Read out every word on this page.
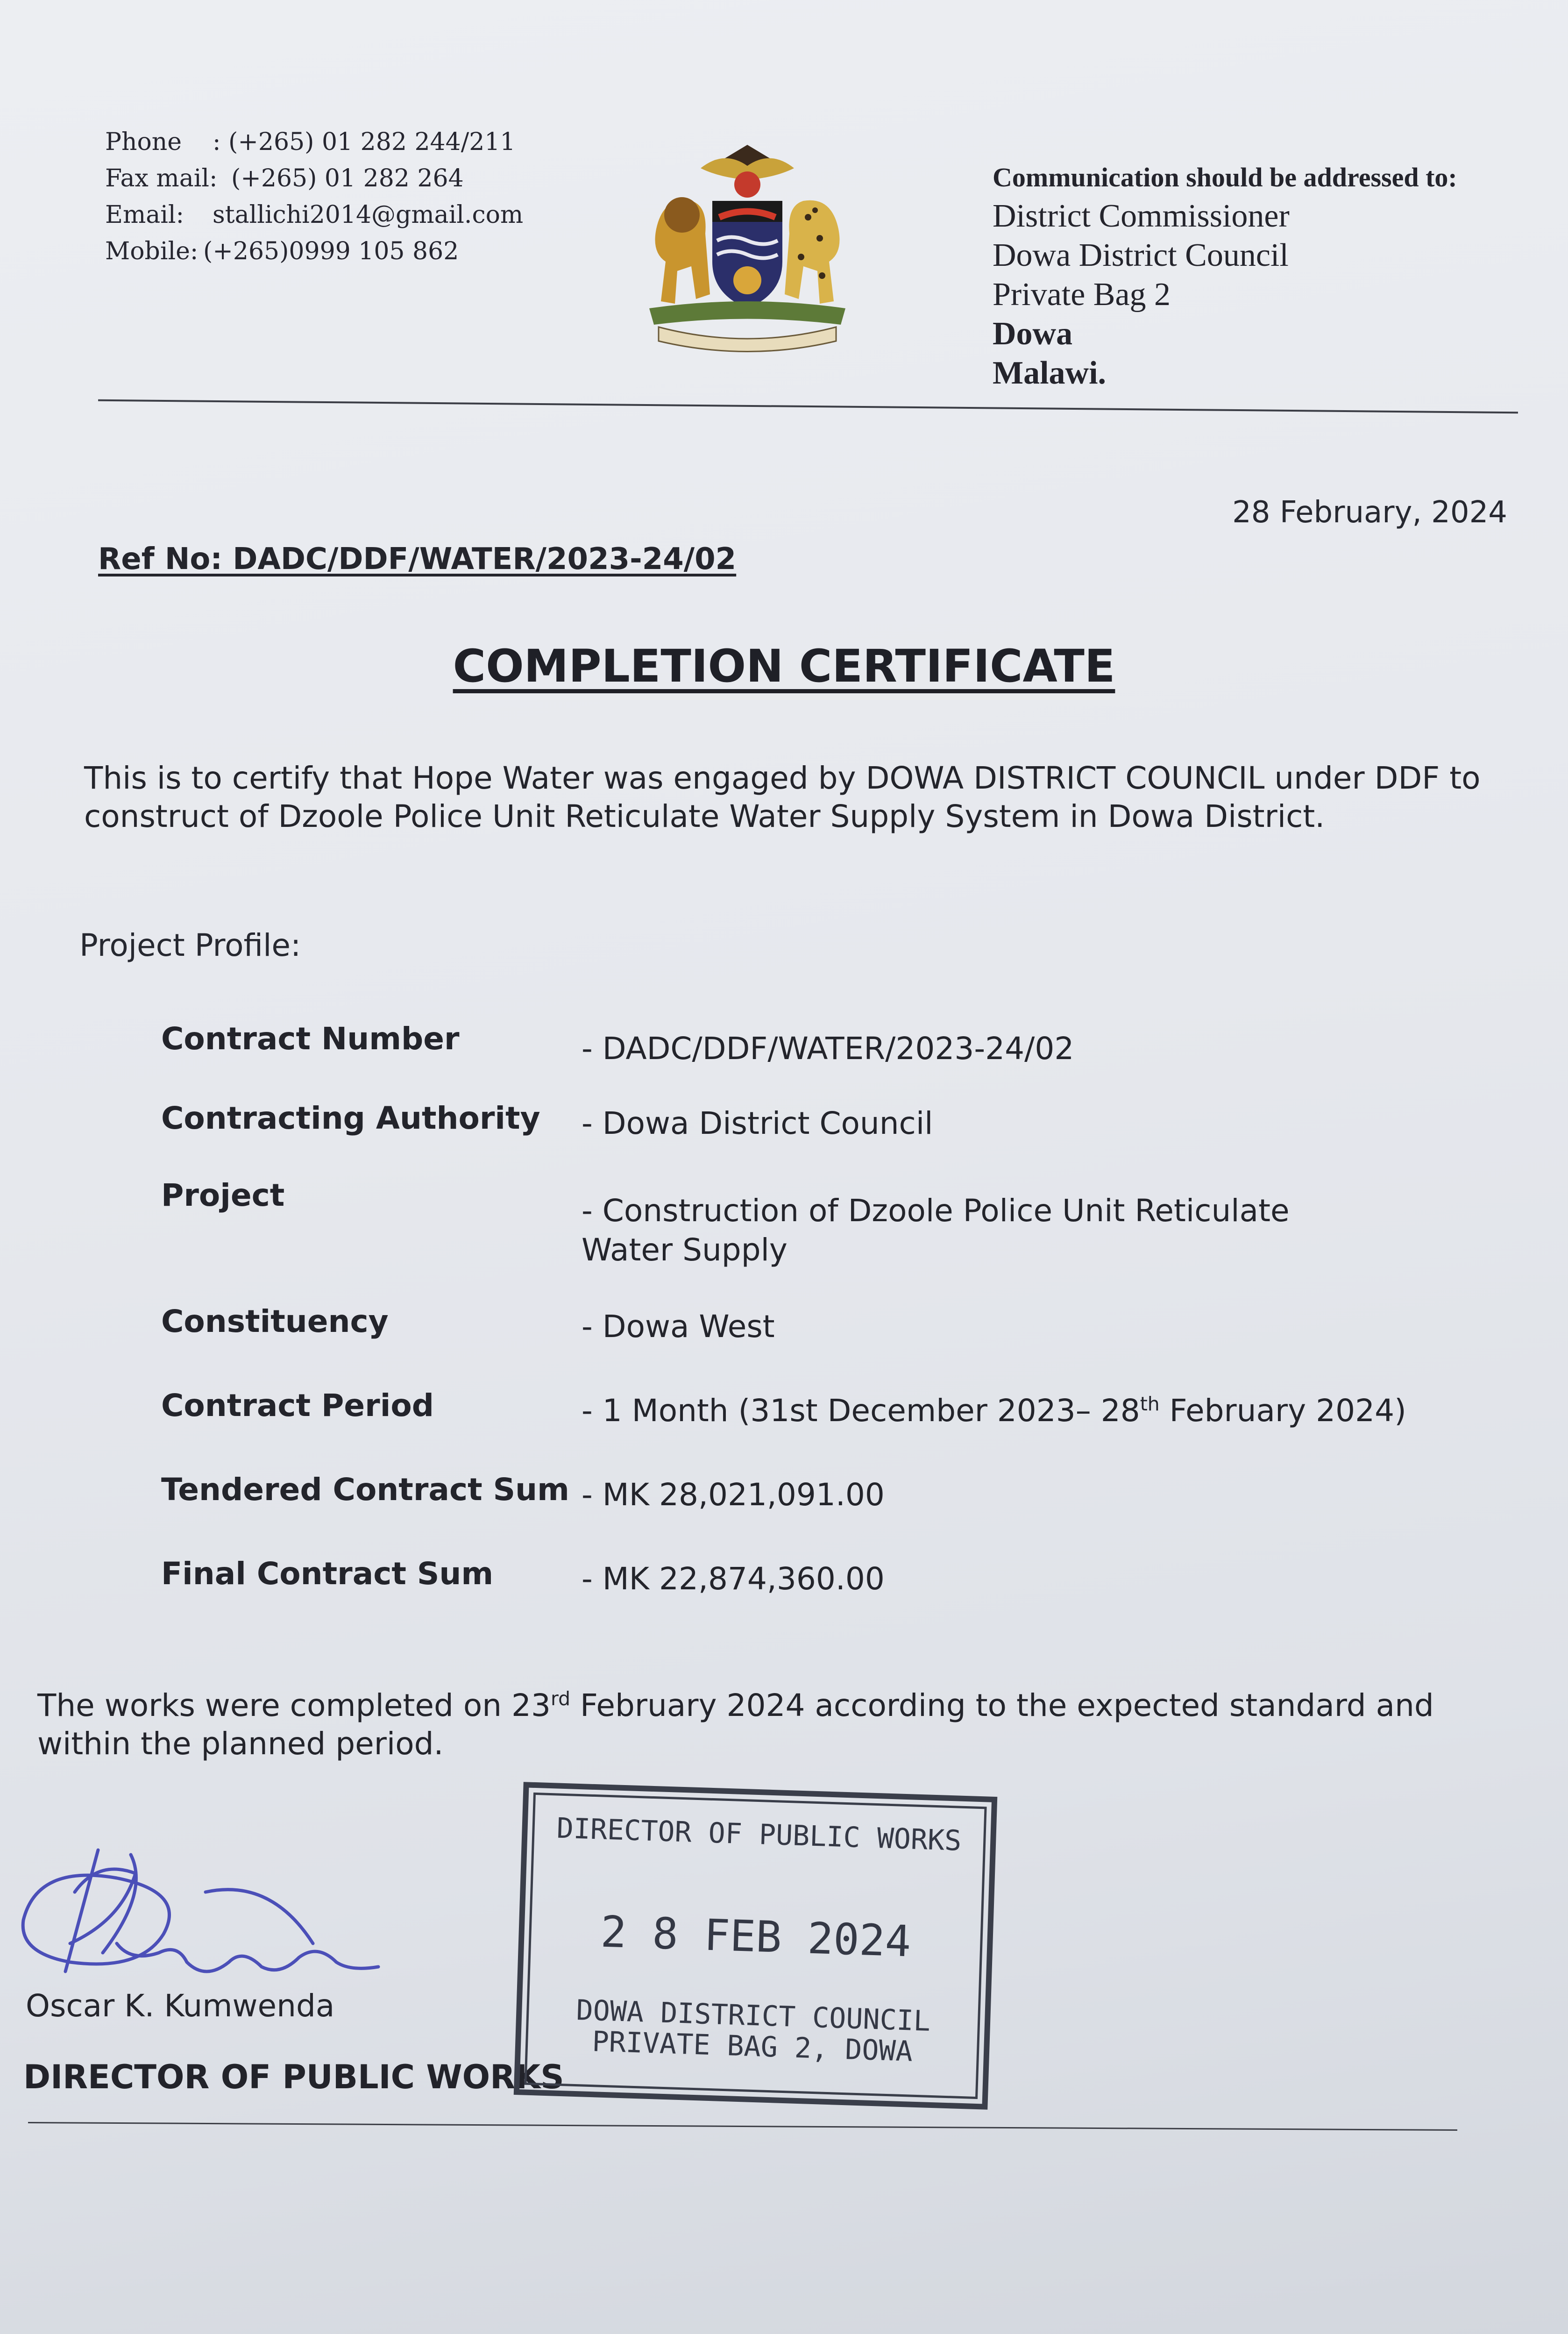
Phone	: (+265) 01 282 244/211
Fax mail: (+265) 01 282 264
Email:	stallichi2014@gmail.com
Mobile: (+265)0999 105 862
Communication should be addressed to:
District Commissioner
Dowa District Council
Private Bag 2
Dowa
Malawi.
28 February, 2024
Ref No: DADC/DDF/WATER/2023-24/02
COMPLETION CERTIFICATE
This is to certify that Hope Water was engaged by DOWA DISTRICT COUNCIL under DDF to construct of Dzoole Police Unit Reticulate Water Supply System in Dowa District.
Project Profile:
Contract Number	- DADC/DDF/WATER/2023-24/02
Contracting Authority	- Dowa District Council
Project	- Construction of Dzoole Police Unit Reticulate Water Supply
Constituency	- Dowa West
Contract Period	- 1 Month (31st December 2023– 28th February 2024)
Tendered Contract Sum - MK 28,021,091.00
Final Contract Sum	- MK 22,874,360.00
The works were completed on 23rd February 2024 according to the expected standard and within the planned period.
Oscar K. Kumwenda
DIRECTOR OF PUBLIC WORKS
DIRECTOR OF PUBLIC WORKS
2 8 FEB 2024
DOWA DISTRICT COUNCIL
PRIVATE BAG 2, DOWA
